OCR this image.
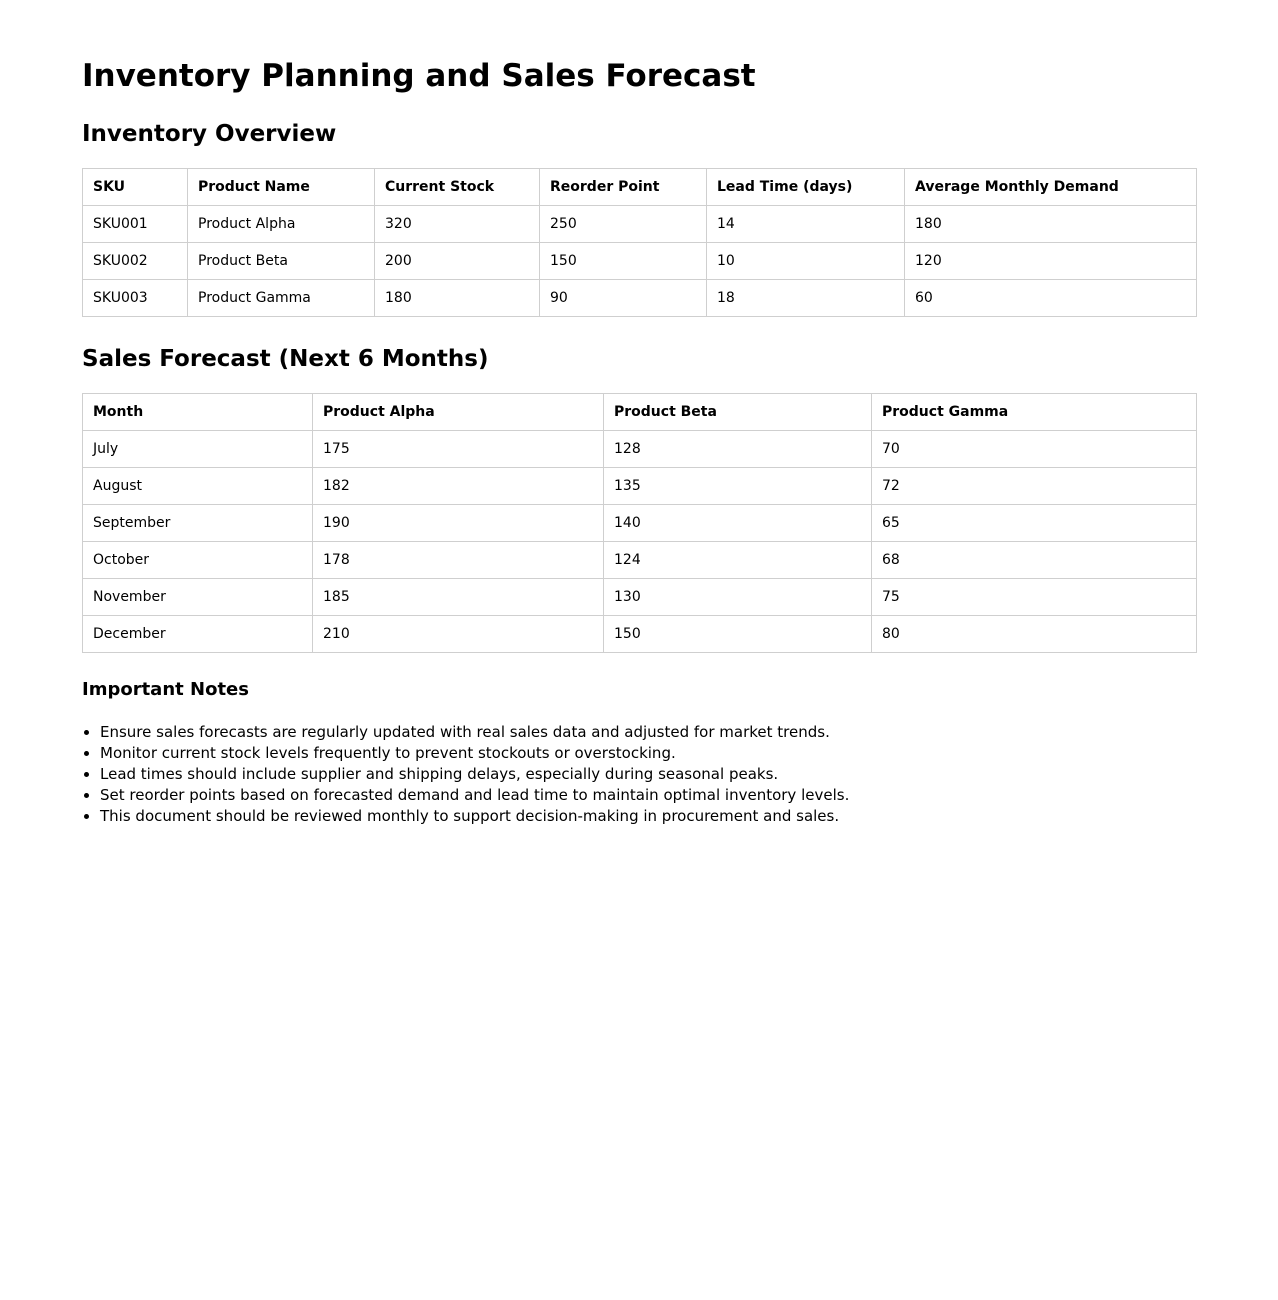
Inventory Planning and Sales Forecast
Inventory Overview
SKU	Product Name	Current Stock	Reorder Point	Lead Time (days)	Average Monthly Demand
SKU001	Product Alpha	320	250	14	180
SKU002	Product Beta	200	150	10	120
SKU003	Product Gamma	180	90	18	60
Sales Forecast (Next 6 Months)
Month	Product Alpha	Product Beta	Product Gamma
July	175	128	70
August	182	135	72
September	190	140	65
October	178	124	68
November	185	130	75
December	210	150	80
Important Notes
• Ensure sales forecasts are regularly updated with real sales data and adjusted for market trends.
• Monitor current stock levels frequently to prevent stockouts or overstocking.
• Lead times should include supplier and shipping delays, especially during seasonal peaks.
• Set reorder points based on forecasted demand and lead time to maintain optimal inventory levels.
• This document should be reviewed monthly to support decision-making in procurement and sales.
